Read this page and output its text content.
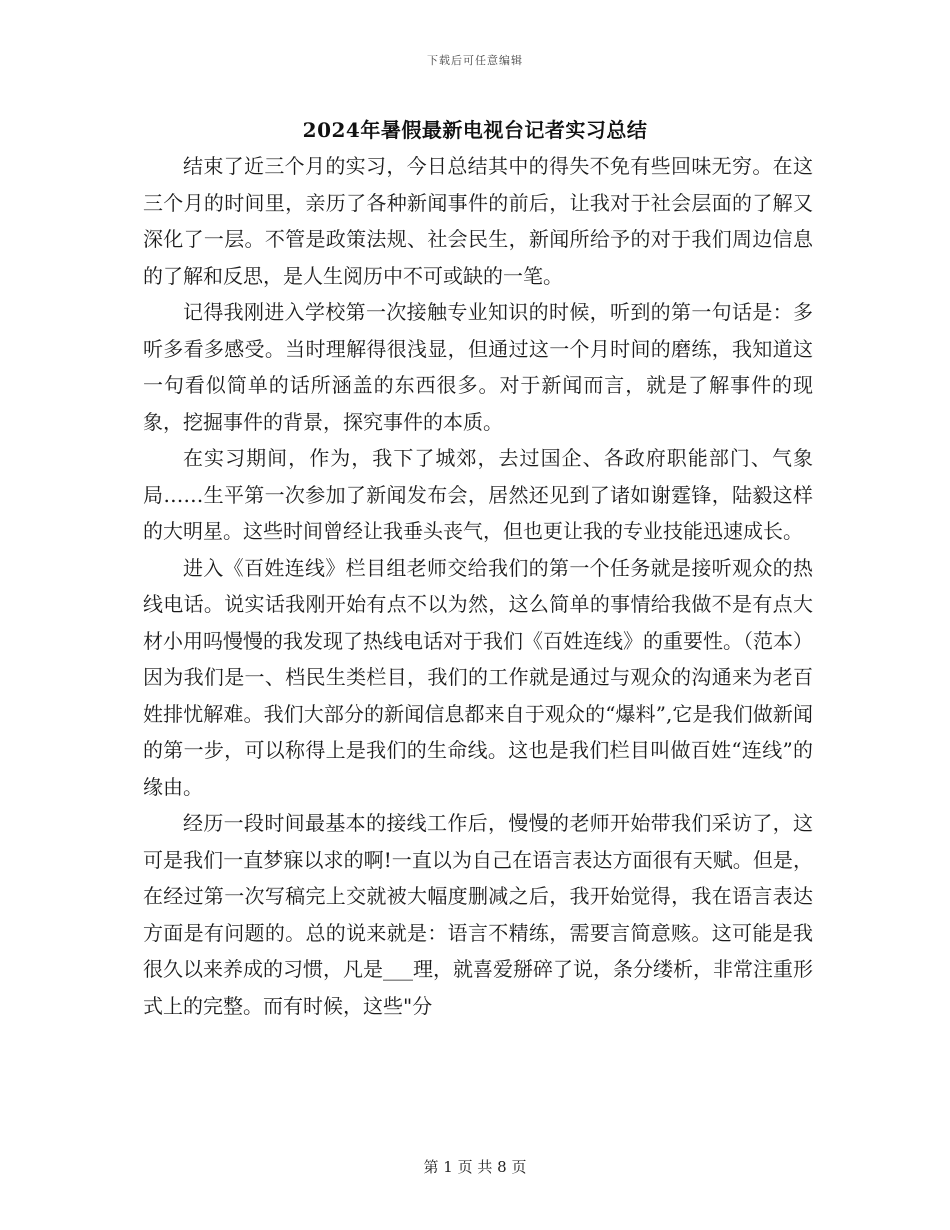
下载后可任意编辑
2024年暑假最新电视台记者实习总结

结束了近三个月的实习，今日总结其中的得失不免有些回味无穷。在这三个月的时间里，亲历了各种新闻事件的前后，让我对于社会层面的了解又深化了一层。不管是政策法规、社会民生，新闻所给予的对于我们周边信息的了解和反思，是人生阅历中不可或缺的一笔。

记得我刚进入学校第一次接触专业知识的时候，听到的第一句话是：多听多看多感受。当时理解得很浅显，但通过这一个月时间的磨练，我知道这一句看似简单的话所涵盖的东西很多。对于新闻而言，就是了解事件的现象，挖掘事件的背景，探究事件的本质。

在实习期间，作为，我下了城郊，去过国企、各政府职能部门、气象局……生平第一次参加了新闻发布会，居然还见到了诸如谢霆锋，陆毅这样的大明星。这些时间曾经让我垂头丧气，但也更让我的专业技能迅速成长。

进入《百姓连线》栏目组老师交给我们的第一个任务就是接听观众的热线电话。说实话我刚开始有点不以为然，这么简单的事情给我做不是有点大材小用吗慢慢的我发现了热线电话对于我们《百姓连线》的重要性。（范本）因为我们是一、档民生类栏目，我们的工作就是通过与观众的沟通来为老百姓排忧解难。我们大部分的新闻信息都来自于观众的“爆料”,它是我们做新闻的第一步，可以称得上是我们的生命线。这也是我们栏目叫做百姓“连线”的缘由。

经历一段时间最基本的接线工作后，慢慢的老师开始带我们采访了，这可是我们一直梦寐以求的啊!一直以为自己在语言表达方面很有天赋。但是，在经过第一次写稿完上交就被大幅度删减之后，我开始觉得，我在语言表达方面是有问题的。总的说来就是：语言不精练，需要言简意赅。这可能是我很久以来养成的习惯，凡是___理，就喜爱掰碎了说，条分缕析，非常注重形式上的完整。而有时候，这些"分

第 1 页 共 8 页
